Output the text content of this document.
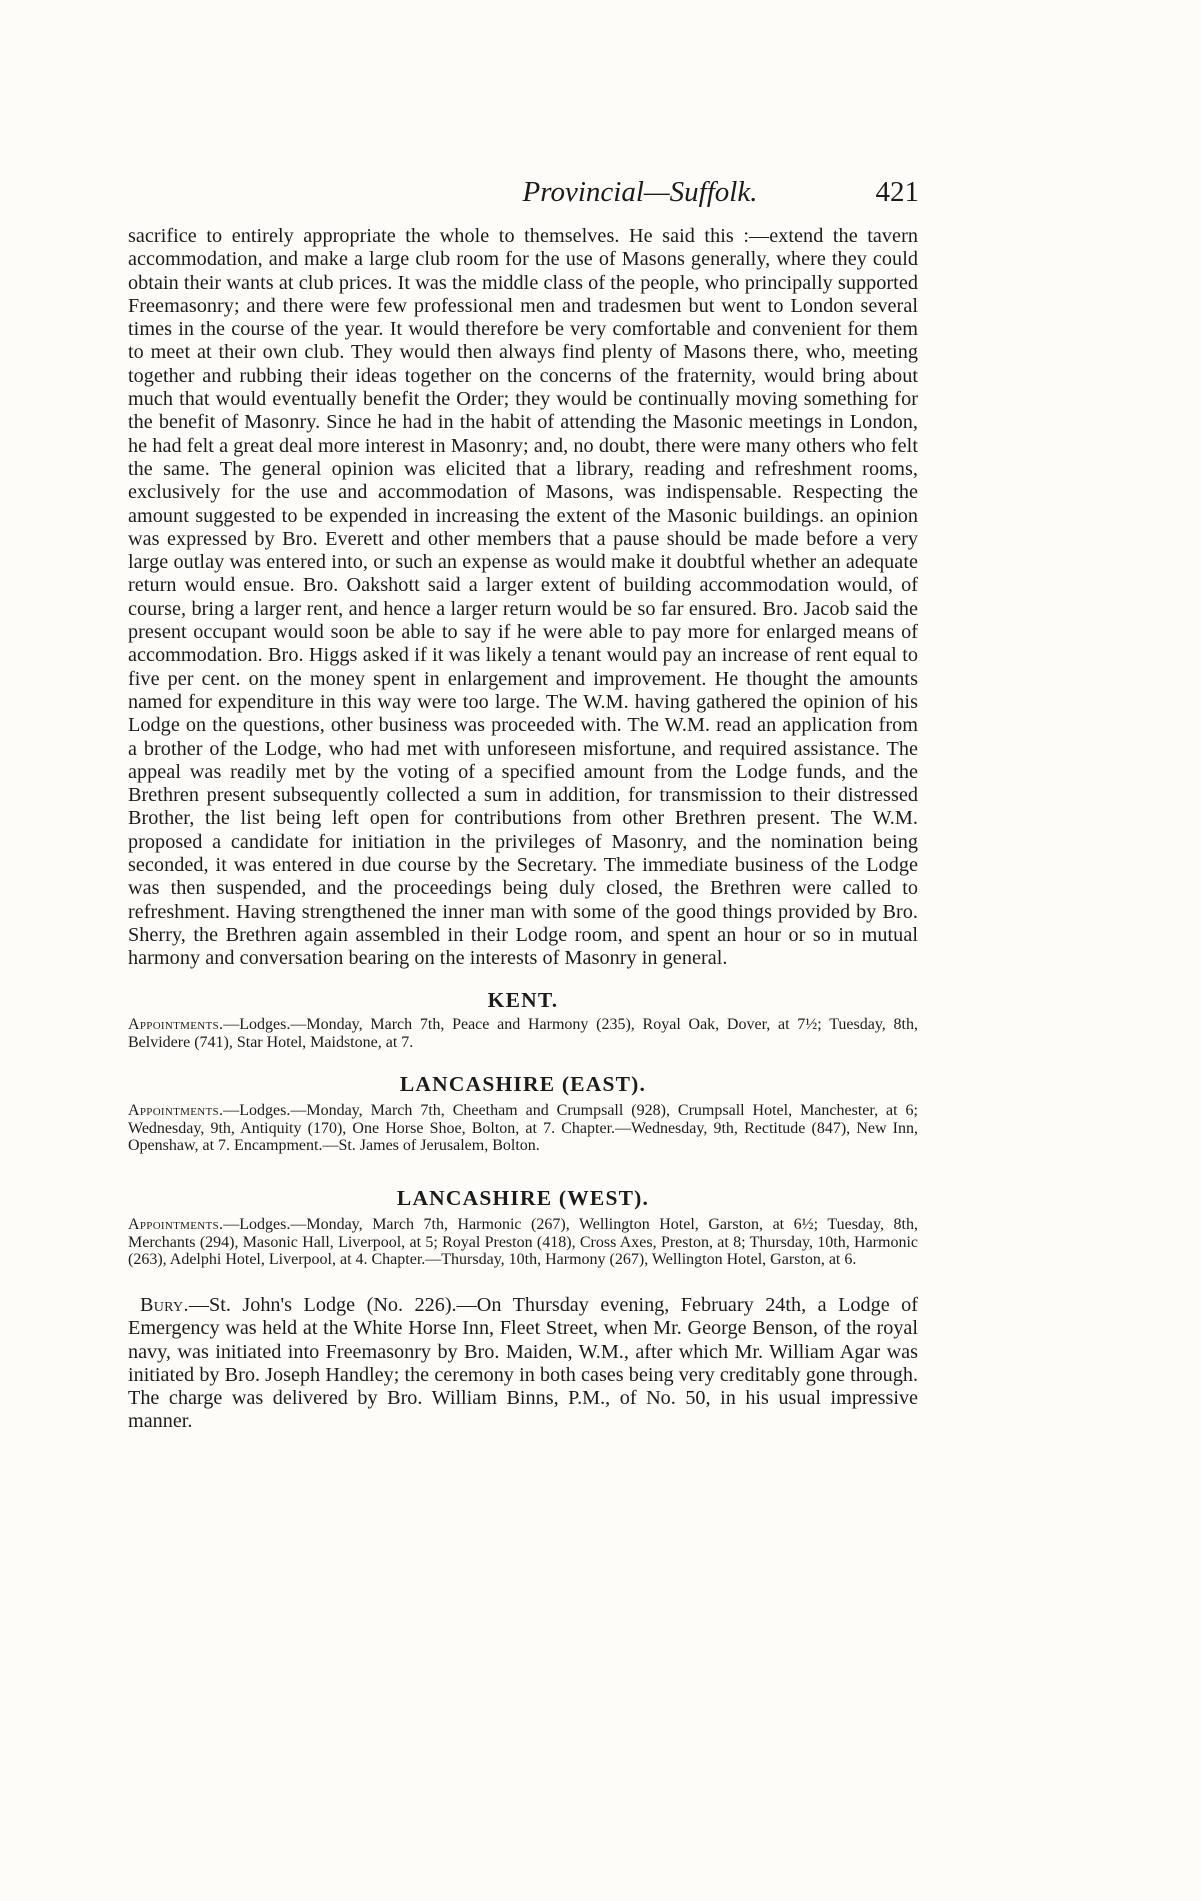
Provincial—Suffolk.	421

sacrifice to entirely appropriate the whole to themselves. He said this :—extend the tavern accommodation, and make a large club room for the use of Masons generally, where they could obtain their wants at club prices. It was the middle class of the people, who principally supported Freemasonry; and there were few professional men and tradesmen but went to London several times in the course of the year. It would therefore be very comfortable and convenient for them to meet at their own club. They would then always find plenty of Masons there, who, meeting together and rubbing their ideas together on the concerns of the fraternity, would bring about much that would eventually benefit the Order; they would be continually moving something for the benefit of Masonry. Since he had in the habit of attending the Masonic meetings in London, he had felt a great deal more interest in Masonry; and, no doubt, there were many others who felt the same. The general opinion was elicited that a library, reading and refreshment rooms, exclusively for the use and accommodation of Masons, was indispensable. Respecting the amount suggested to be expended in increasing the extent of the Masonic buildings. an opinion was expressed by Bro. Everett and other members that a pause should be made before a very large outlay was entered into, or such an expense as would make it doubtful whether an adequate return would ensue. Bro. Oakshott said a larger extent of building accommodation would, of course, bring a larger rent, and hence a larger return would be so far ensured. Bro. Jacob said the present occupant would soon be able to say if he were able to pay more for enlarged means of accommodation. Bro. Higgs asked if it was likely a tenant would pay an increase of rent equal to five per cent. on the money spent in enlargement and improvement. He thought the amounts named for expenditure in this way were too large. The W.M. having gathered the opinion of his Lodge on the questions, other business was proceeded with. The W.M. read an application from a brother of the Lodge, who had met with unforeseen misfortune, and required assistance. The appeal was readily met by the voting of a specified amount from the Lodge funds, and the Brethren present subsequently collected a sum in addition, for transmission to their distressed Brother, the list being left open for contributions from other Brethren present. The W.M. proposed a candidate for initiation in the privileges of Masonry, and the nomination being seconded, it was entered in due course by the Secretary. The immediate business of the Lodge was then suspended, and the proceedings being duly closed, the Brethren were called to refreshment. Having strengthened the inner man with some of the good things provided by Bro. Sherry, the Brethren again assembled in their Lodge room, and spent an hour or so in mutual harmony and conversation bearing on the interests of Masonry in general.

KENT.

Appointments.—Lodges.—Monday, March 7th, Peace and Harmony (235), Royal Oak, Dover, at 7½; Tuesday, 8th, Belvidere (741), Star Hotel, Maidstone, at 7.

LANCASHIRE (EAST).

Appointments.—Lodges.—Monday, March 7th, Cheetham and Crumpsall (928), Crumpsall Hotel, Manchester, at 6; Wednesday, 9th, Antiquity (170), One Horse Shoe, Bolton, at 7. Chapter.—Wednesday, 9th, Rectitude (847), New Inn, Openshaw, at 7. Encampment.—St. James of Jerusalem, Bolton.

LANCASHIRE (WEST).

Appointments.—Lodges.—Monday, March 7th, Harmonic (267), Wellington Hotel, Garston, at 6½; Tuesday, 8th, Merchants (294), Masonic Hall, Liverpool, at 5; Royal Preston (418), Cross Axes, Preston, at 8; Thursday, 10th, Harmonic (263), Adelphi Hotel, Liverpool, at 4. Chapter.—Thursday, 10th, Harmony (267), Wellington Hotel, Garston, at 6.

Bury.—St. John's Lodge (No. 226).—On Thursday evening, February 24th, a Lodge of Emergency was held at the White Horse Inn, Fleet Street, when Mr. George Benson, of the royal navy, was initiated into Freemasonry by Bro. Maiden, W.M., after which Mr. William Agar was initiated by Bro. Joseph Handley; the ceremony in both cases being very creditably gone through. The charge was delivered by Bro. William Binns, P.M., of No. 50, in his usual impressive manner.
